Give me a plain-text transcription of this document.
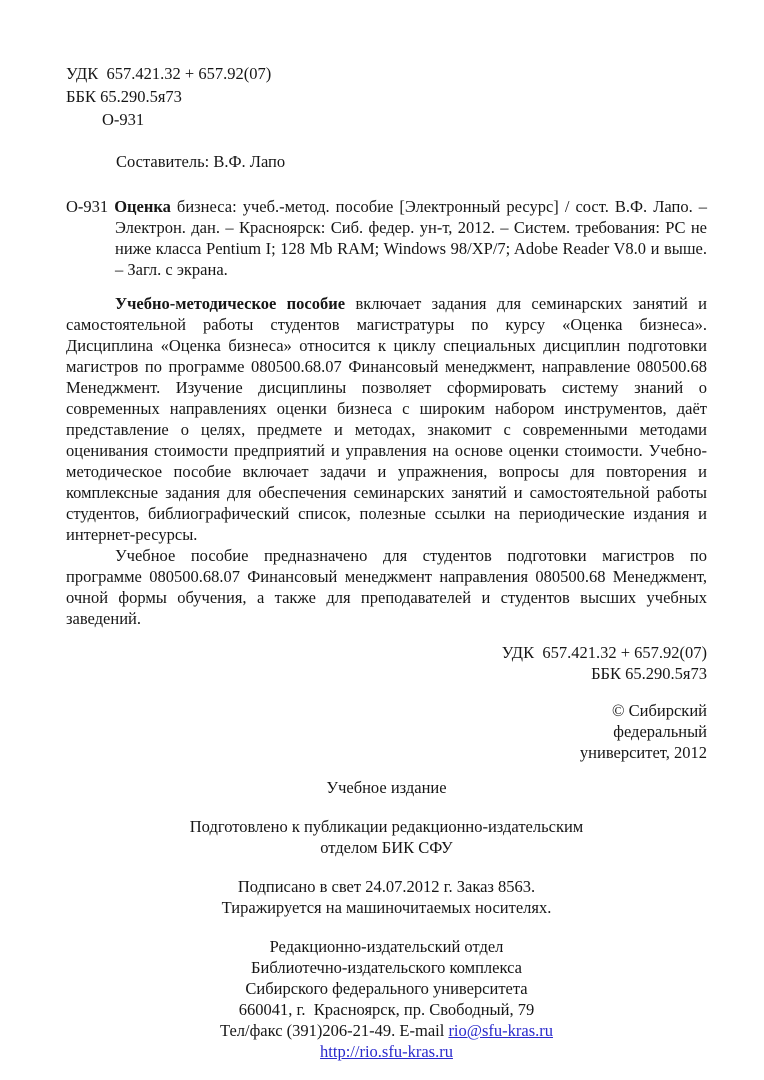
УДК  657.421.32 + 657.92(07)
ББК 65.290.5я73
О-931
Составитель: В.Ф. Лапо

О-931 Оценка бизнеса: учеб.-метод. пособие [Электронный ресурс] / сост. В.Ф. Лапо. – Электрон. дан. – Красноярск: Сиб. федер. ун-т, 2012. – Систем. требования: PC не ниже класса Pentium I; 128 Mb RAM; Windows 98/XP/7; Adobe Reader V8.0 и выше. – Загл. с экрана.

Учебно-методическое пособие включает задания для семинарских занятий и самостоятельной работы студентов магистратуры по курсу «Оценка бизнеса». Дисциплина «Оценка бизнеса» относится к циклу специальных дисциплин подготовки магистров по программе 080500.68.07 Финансовый менеджмент, направление 080500.68 Менеджмент. Изучение дисциплины позволяет сформировать систему знаний о современных направлениях оценки бизнеса с широким набором инструментов, даёт представление о целях, предмете и методах, знакомит с современными методами оценивания стоимости предприятий и управления на основе оценки стоимости. Учебно-методическое пособие включает задачи и упражнения, вопросы для повторения и комплексные задания для обеспечения семинарских занятий и самостоятельной работы студентов, библиографический список, полезные ссылки на периодические издания и интернет-ресурсы.

Учебное пособие предназначено для студентов подготовки магистров по программе 080500.68.07 Финансовый менеджмент направления 080500.68 Менеджмент, очной формы обучения, а также для преподавателей и студентов высших учебных заведений.

УДК  657.421.32 + 657.92(07)
ББК 65.290.5я73
© Сибирский
федеральный
университет, 2012
Учебное издание
Подготовлено к публикации редакционно-издательским
отделом БИК СФУ
Подписано в свет 24.07.2012 г. Заказ 8563.
Тиражируется на машиночитаемых носителях.
Редакционно-издательский отдел
Библиотечно-издательского комплекса
Сибирского федерального университета
660041, г.  Красноярск, пр. Свободный, 79
Тел/факс (391)206-21-49. E-mail rio@sfu-kras.ru
http://rio.sfu-kras.ru
